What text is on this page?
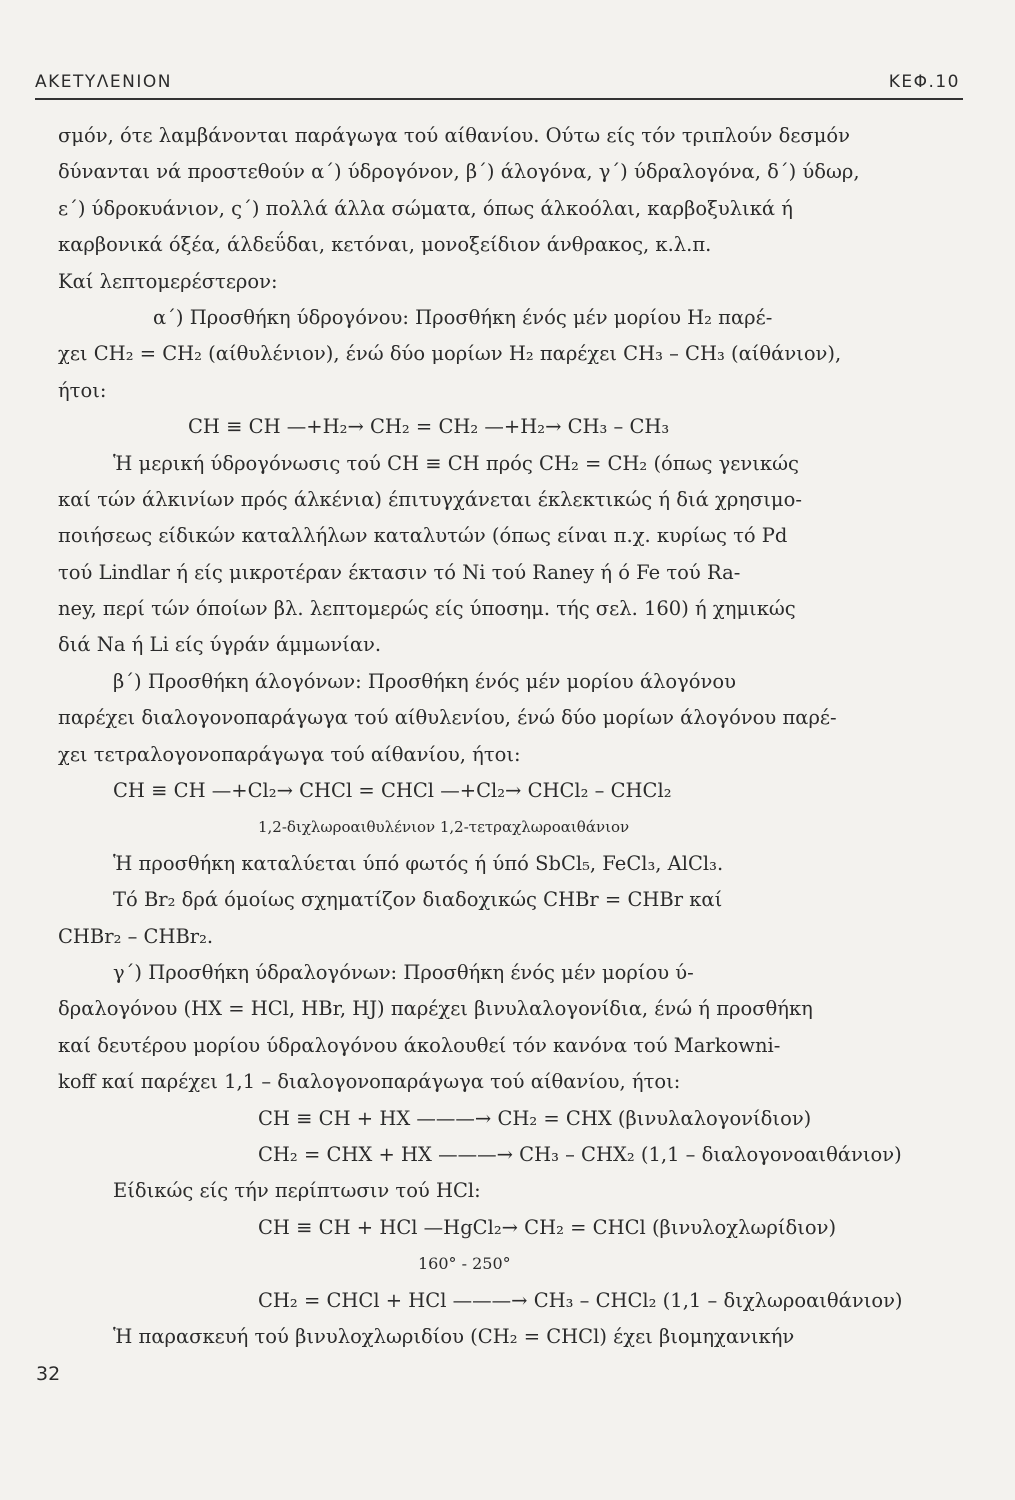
ΑΚΕΤΥΛΕΝΙΟΝ	ΚΕΦ.10
σμόν, ότε λαμβάνονται παράγωγα τού αίθανίου. Ούτω είς τόν τριπλούν δεσμόν
δύνανται νά προστεθούν α΄) ύδρογόνον, β΄) άλογόνα, γ΄) ύδραλογόνα, δ΄) ύδωρ,
ε΄) ύδροκυάνιον, ς΄) πολλά άλλα σώματα, όπως άλκοόλαι, καρβοξυλικά ή
καρβονικά όξέα, άλδεΰδαι, κετόναι, μονοξείδιον άνθρακος, κ.λ.π.
Καί λεπτομερέστερον:
α΄) Προσθήκη ύδρογόνου: Προσθήκη ένός μέν μορίου H₂ παρέ-
χει CH₂ = CH₂ (αίθυλένιον), ένώ δύο μορίων H₂ παρέχει CH₃ – CH₃ (αίθάνιον),
ήτοι:
CH ≡ CH —+H₂→ CH₂ = CH₂ —+H₂→ CH₃ – CH₃
Ἡ μερική ύδρογόνωσις τού CH ≡ CH πρός CH₂ = CH₂ (όπως γενικώς
καί τών άλκινίων πρός άλκένια) έπιτυγχάνεται έκλεκτικώς ή διά χρησιμο-
ποιήσεως είδικών καταλλήλων καταλυτών (όπως είναι π.χ. κυρίως τό Pd
τού Lindlar ή είς μικροτέραν έκτασιν τό Ni τού Raney ή ό Fe τού Ra-
ney, περί τών όποίων βλ. λεπτομερώς είς ύποσημ. τής σελ. 160) ή χημικώς
διά Na ή Li είς ύγράν άμμωνίαν.
β΄) Προσθήκη άλογόνων: Προσθήκη ένός μέν μορίου άλογόνου
παρέχει διαλογονοπαράγωγα τού αίθυλενίου, ένώ δύο μορίων άλογόνου παρέ-
χει τετραλογονοπαράγωγα τού αίθανίου, ήτοι:
CH ≡ CH —+Cl₂→ CHCl = CHCl —+Cl₂→ CHCl₂ – CHCl₂
1,2-διχλωροαιθυλένιον 1,2-τετραχλωροαιθάνιον
Ἡ προσθήκη καταλύεται ύπό φωτός ή ύπό SbCl₅, FeCl₃, AlCl₃.
Τό Br₂ δρά όμοίως σχηματίζον διαδοχικώς CHBr = CHBr καί
CHBr₂ – CHBr₂.
γ΄) Προσθήκη ύδραλογόνων: Προσθήκη ένός μέν μορίου ύ-
δραλογόνου (HX = HCl, HBr, HJ) παρέχει βινυλαλογονίδια, ένώ ή προσθήκη
καί δευτέρου μορίου ύδραλογόνου άκολουθεί τόν κανόνα τού Markowni-
koff καί παρέχει 1,1 – διαλογονοπαράγωγα τού αίθανίου, ήτοι:
CH ≡ CH + HX ———→ CH₂ = CHX (βινυλαλογονίδιον)
CH₂ = CHX + HX ———→ CH₃ – CHX₂ (1,1 – διαλογονοαιθάνιον)
Είδικώς είς τήν περίπτωσιν τού HCl:
CH ≡ CH + HCl —HgCl₂→ CH₂ = CHCl (βινυλοχλωρίδιον)
160° - 250°
CH₂ = CHCl + HCl ———→ CH₃ – CHCl₂ (1,1 – διχλωροαιθάνιον)
Ἡ παρασκευή τού βινυλοχλωριδίου (CH₂ = CHCl) έχει βιομηχανικήν
32
